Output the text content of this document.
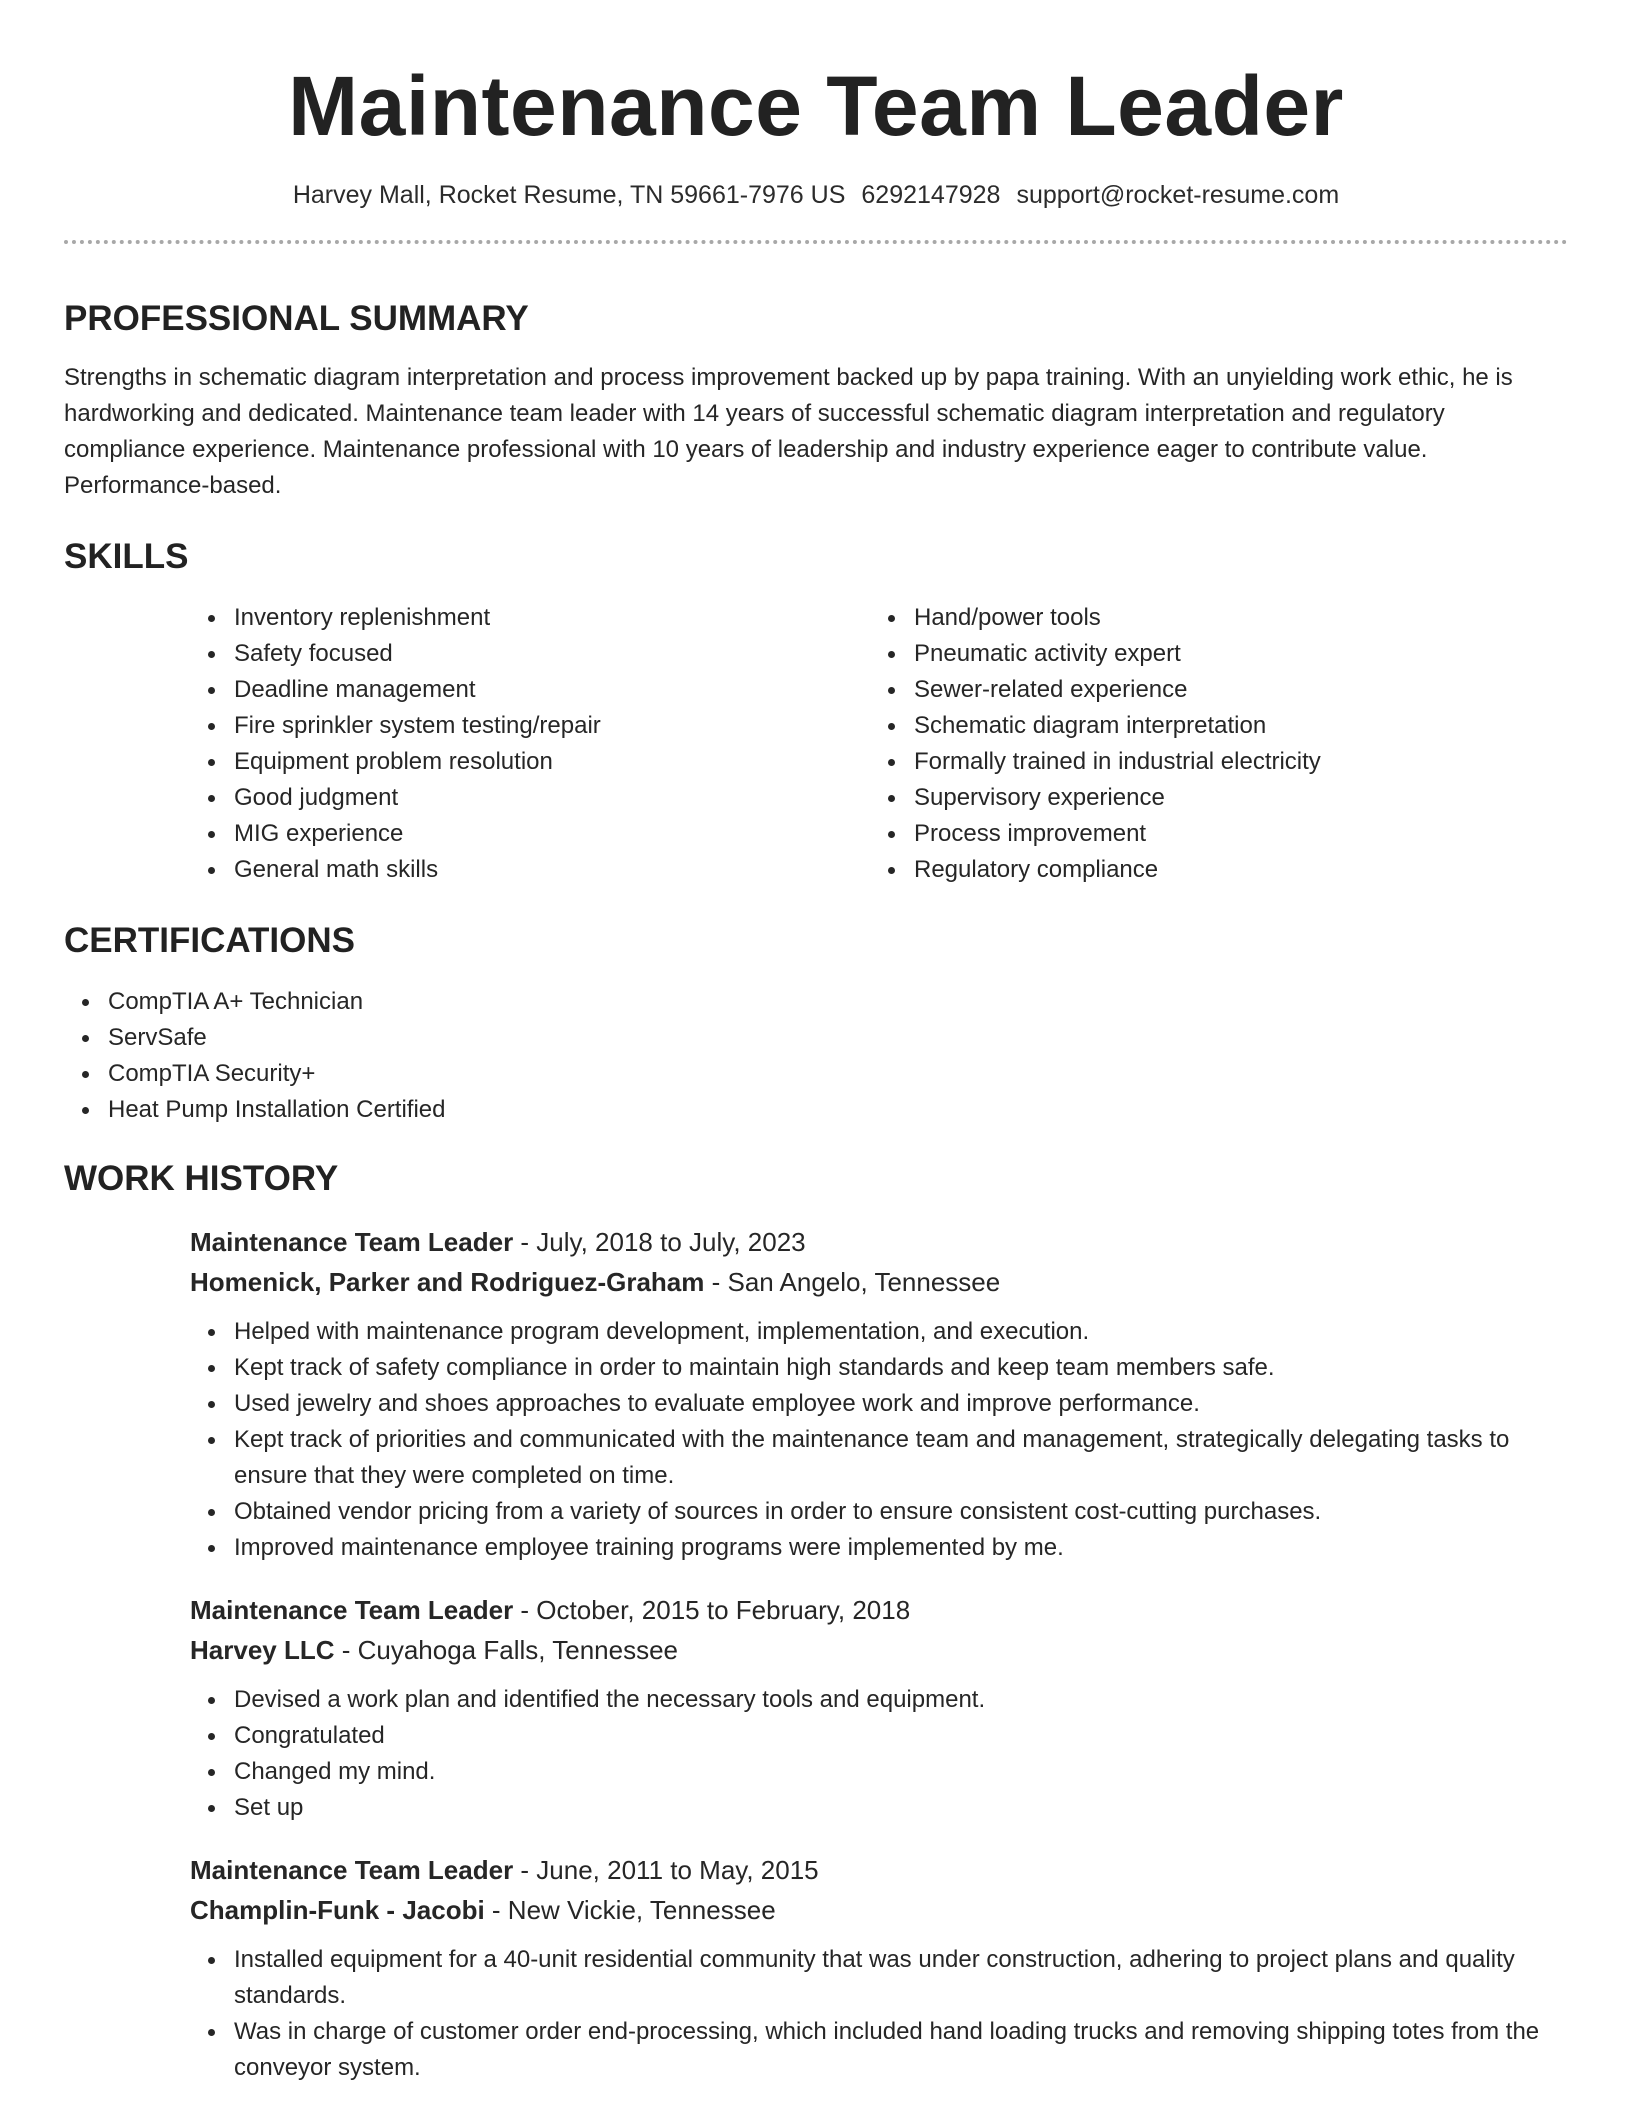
Maintenance Team Leader
Harvey Mall, Rocket Resume, TN 59661-7976 US 6292147928 support@rocket-resume.com
PROFESSIONAL SUMMARY

Strengths in schematic diagram interpretation and process improvement backed up by papa training. With an unyielding work ethic, he is hardworking and dedicated. Maintenance team leader with 14 years of successful schematic diagram interpretation and regulatory compliance experience. Maintenance professional with 10 years of leadership and industry experience eager to contribute value. Performance-based.

SKILLS
Inventory replenishment
Safety focused
Deadline management
Fire sprinkler system testing/repair
Equipment problem resolution
Good judgment
MIG experience
General math skills
Hand/power tools
Pneumatic activity expert
Sewer-related experience
Schematic diagram interpretation
Formally trained in industrial electricity
Supervisory experience
Process improvement
Regulatory compliance
CERTIFICATIONS
CompTIA A+ Technician
ServSafe
CompTIA Security+
Heat Pump Installation Certified
WORK HISTORY
Maintenance Team Leader - July, 2018 to July, 2023
Homenick, Parker and Rodriguez-Graham - San Angelo, Tennessee
Helped with maintenance program development, implementation, and execution.
Kept track of safety compliance in order to maintain high standards and keep team members safe.
Used jewelry and shoes approaches to evaluate employee work and improve performance.
Kept track of priorities and communicated with the maintenance team and management, strategically delegating tasks to ensure that they were completed on time.
Obtained vendor pricing from a variety of sources in order to ensure consistent cost-cutting purchases.
Improved maintenance employee training programs were implemented by me.
Maintenance Team Leader - October, 2015 to February, 2018
Harvey LLC - Cuyahoga Falls, Tennessee
Devised a work plan and identified the necessary tools and equipment.
Congratulated
Changed my mind.
Set up
Maintenance Team Leader - June, 2011 to May, 2015
Champlin-Funk - Jacobi - New Vickie, Tennessee
Installed equipment for a 40-unit residential community that was under construction, adhering to project plans and quality standards.
Was in charge of customer order end-processing, which included hand loading trucks and removing shipping totes from the conveyor system.
